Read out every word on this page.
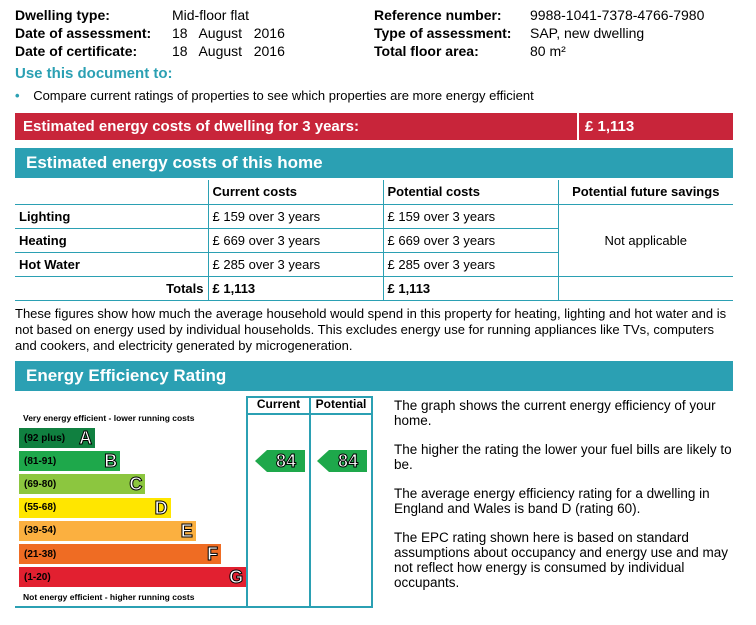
Dwelling type:	Mid-floor flat
Date of assessment: 18   August   2016
Date of certificate: 18   August   2016
Reference number: 9988-1041-7378-4766-7980
Type of assessment: SAP, new dwelling
Total floor area:	80 m²
Use this document to:
• Compare current ratings of properties to see which properties are more energy efficient
Estimated energy costs of dwelling for 3 years:	£ 1,113
Estimated energy costs of this home
	Current costs	Potential costs	Potential future savings
Lighting	£ 159 over 3 years	£ 159 over 3 years	Not applicable
Heating	£ 669 over 3 years	£ 669 over 3 years	
Hot Water	£ 285 over 3 years	£ 285 over 3 years	
Totals	£ 1,113	£ 1,113	
These figures show how much the average household would spend in this property for heating, lighting and hot water and is not based on energy used by individual households. This excludes energy use for running appliances like TVs, computers and cookers, and electricity generated by microgeneration.
Energy Efficiency Rating
Current	Potential
Very energy efficient - lower running costs
(92 plus) A
(81-91)	B
(69-80)	C
(55-68)	D
(39-54)	E
(21-38)	F
(1-20)	G
Not energy efficient - higher running costs
84	84

The graph shows the current energy efficiency of your home.

The higher the rating the lower your fuel bills are likely to be.

The average energy efficiency rating for a dwelling in England and Wales is band D (rating 60).

The EPC rating shown here is based on standard assumptions about occupancy and energy use and may not reflect how energy is consumed by individual occupants.
